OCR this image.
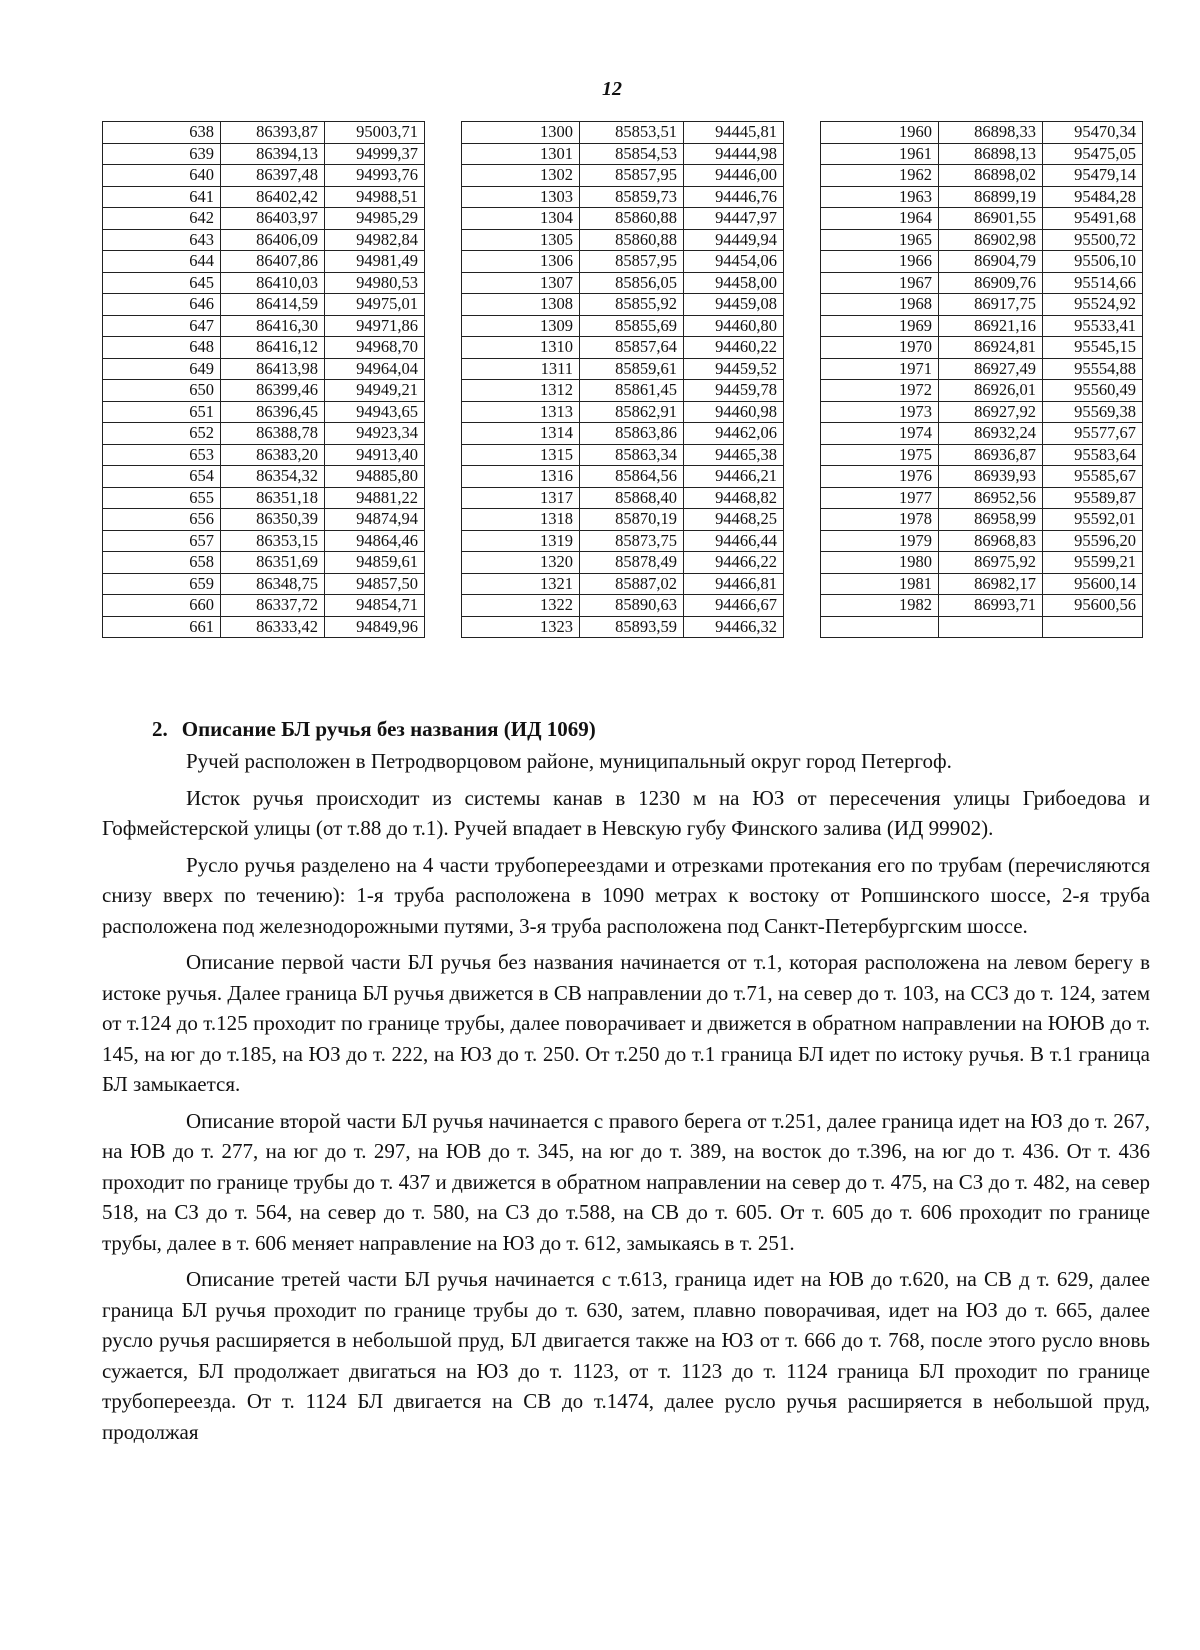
12
638	86393,87	95003,71
639	86394,13	94999,37
640	86397,48	94993,76
641	86402,42	94988,51
642	86403,97	94985,29
643	86406,09	94982,84
644	86407,86	94981,49
645	86410,03	94980,53
646	86414,59	94975,01
647	86416,30	94971,86
648	86416,12	94968,70
649	86413,98	94964,04
650	86399,46	94949,21
651	86396,45	94943,65
652	86388,78	94923,34
653	86383,20	94913,40
654	86354,32	94885,80
655	86351,18	94881,22
656	86350,39	94874,94
657	86353,15	94864,46
658	86351,69	94859,61
659	86348,75	94857,50
660	86337,72	94854,71
661	86333,42	94849,96
1300	85853,51	94445,81
1301	85854,53	94444,98
1302	85857,95	94446,00
1303	85859,73	94446,76
1304	85860,88	94447,97
1305	85860,88	94449,94
1306	85857,95	94454,06
1307	85856,05	94458,00
1308	85855,92	94459,08
1309	85855,69	94460,80
1310	85857,64	94460,22
1311	85859,61	94459,52
1312	85861,45	94459,78
1313	85862,91	94460,98
1314	85863,86	94462,06
1315	85863,34	94465,38
1316	85864,56	94466,21
1317	85868,40	94468,82
1318	85870,19	94468,25
1319	85873,75	94466,44
1320	85878,49	94466,22
1321	85887,02	94466,81
1322	85890,63	94466,67
1323	85893,59	94466,32
1960	86898,33	95470,34
1961	86898,13	95475,05
1962	86898,02	95479,14
1963	86899,19	95484,28
1964	86901,55	95491,68
1965	86902,98	95500,72
1966	86904,79	95506,10
1967	86909,76	95514,66
1968	86917,75	95524,92
1969	86921,16	95533,41
1970	86924,81	95545,15
1971	86927,49	95554,88
1972	86926,01	95560,49
1973	86927,92	95569,38
1974	86932,24	95577,67
1975	86936,87	95583,64
1976	86939,93	95585,67
1977	86952,56	95589,87
1978	86958,99	95592,01
1979	86968,83	95596,20
1980	86975,92	95599,21
1981	86982,17	95600,14
1982	86993,71	95600,56

2. Описание БЛ ручья без названия (ИД 1069)

Ручей расположен в Петродворцовом районе, муниципальный округ город Петергоф.

Исток ручья происходит из системы канав в 1230 м на ЮЗ от пересечения улицы Грибоедова и Гофмейстерской улицы (от т.88 до т.1). Ручей впадает в Невскую губу Финского залива (ИД 99902).

Русло ручья разделено на 4 части трубопереездами и отрезками протекания его по трубам (перечисляются снизу вверх по течению): 1-я труба расположена в 1090 метрах к востоку от Ропшинского шоссе, 2-я труба расположена под железнодорожными путями, 3-я труба расположена под Санкт-Петербургским шоссе.

Описание первой части БЛ ручья без названия начинается от т.1, которая расположена на левом берегу в истоке ручья. Далее граница БЛ ручья движется в СВ направлении до т.71, на север до т. 103, на ССЗ до т. 124, затем от т.124 до т.125 проходит по границе трубы, далее поворачивает и движется в обратном направлении на ЮЮВ до т. 145, на юг до т.185, на ЮЗ до т. 222, на ЮЗ до т. 250. От т.250 до т.1 граница БЛ идет по истоку ручья. В т.1 граница БЛ замыкается.

Описание второй части БЛ ручья начинается с правого берега от т.251, далее граница идет на ЮЗ до т. 267, на ЮВ до т. 277, на юг до т. 297, на ЮВ до т. 345, на юг до т. 389, на восток до т.396, на юг до т. 436. От т. 436 проходит по границе трубы до т. 437 и движется в обратном направлении на север до т. 475, на СЗ до т. 482, на север 518, на СЗ до т. 564, на север до т. 580, на СЗ до т.588, на СВ до т. 605. От т. 605 до т. 606 проходит по границе трубы, далее в т. 606 меняет направление на ЮЗ до т. 612, замыкаясь в т. 251.

Описание третей части БЛ ручья начинается с т.613, граница идет на ЮВ до т.620, на СВ д т. 629, далее граница БЛ ручья проходит по границе трубы до т. 630, затем, плавно поворачивая, идет на ЮЗ до т. 665, далее русло ручья расширяется в небольшой пруд, БЛ двигается также на ЮЗ от т. 666 до т. 768, после этого русло вновь сужается, БЛ продолжает двигаться на ЮЗ до т. 1123, от т. 1123 до т. 1124 граница БЛ проходит по границе трубопереезда. От т. 1124 БЛ двигается на СВ до т.1474, далее русло ручья расширяется в небольшой пруд, продолжая
